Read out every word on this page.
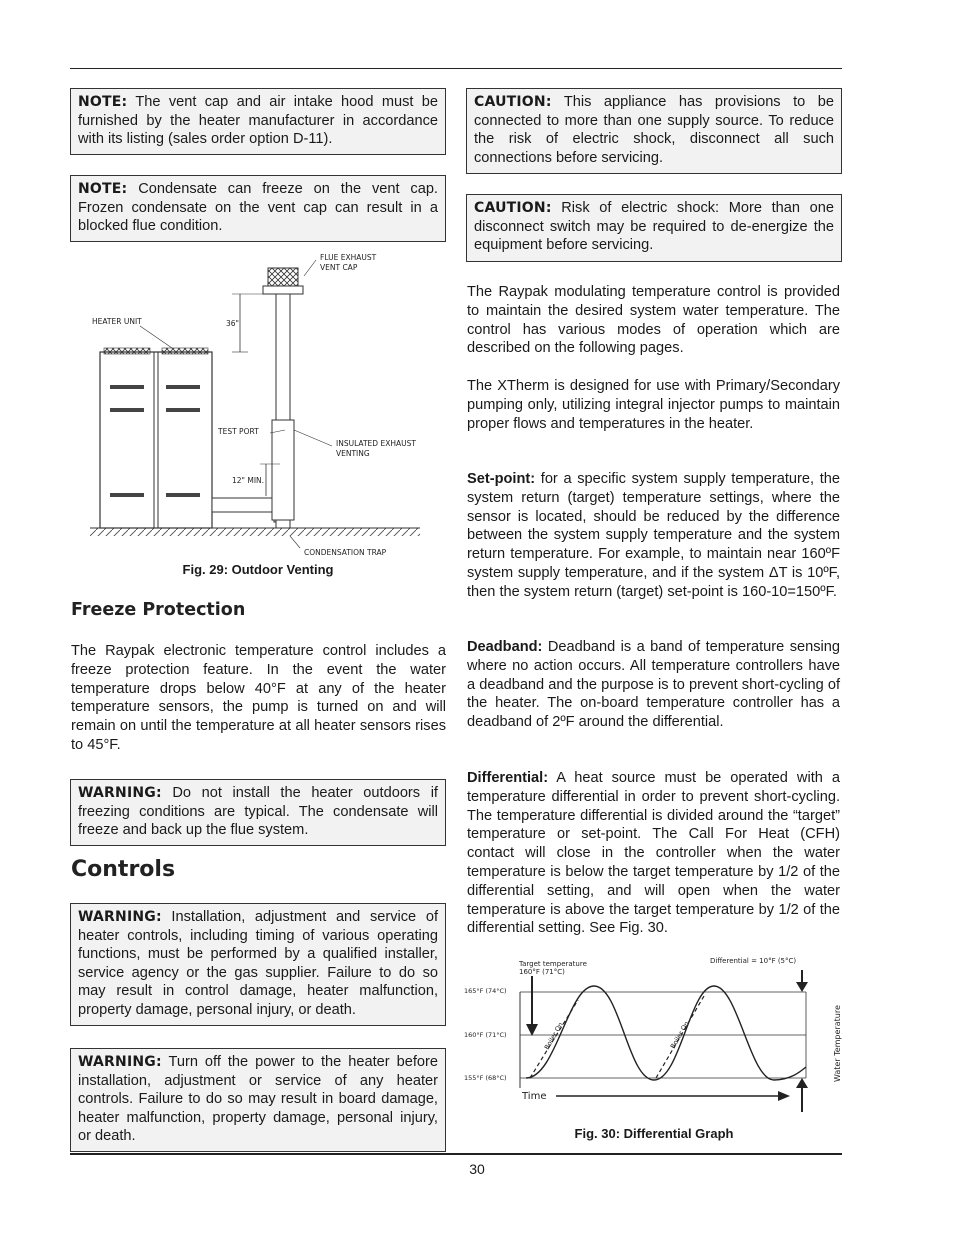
NOTE: The vent cap and air intake hood must be furnished by the heater manufacturer in accordance with its listing (sales order option D-11).
NOTE: Condensate can freeze on the vent cap. Frozen condensate on the vent cap can result in a blocked flue condition.
FLUE EXHAUST
VENT CAP
HEATER UNIT	36"
TEST PORT
INSULATED EXHAUST
VENTING
12" MIN.
CONDENSATION TRAP
Fig. 29: Outdoor Venting
Freeze Protection
The Raypak electronic temperature control includes a freeze protection feature. In the event the water temperature drops below 40°F at any of the heater temperature sensors, the pump is turned on and will remain on until the temperature at all heater sensors rises to 45°F.
WARNING: Do not install the heater outdoors if freezing conditions are typical. The condensate will freeze and back up the flue system.
Controls
WARNING: Installation, adjustment and service of heater controls, including timing of various operating functions, must be performed by a qualified installer, service agency or the gas supplier. Failure to do so may result in control damage, heater malfunction, property damage, personal injury, or death.
WARNING: Turn off the power to the heater before installation, adjustment or service of any heater controls. Failure to do so may result in board damage, heater malfunction, property damage, personal injury, or death.
CAUTION: This appliance has provisions to be connected to more than one supply source. To reduce the risk of electric shock, disconnect all such connections before servicing.
CAUTION: Risk of electric shock: More than one disconnect switch may be required to de-energize the equipment before servicing.
The Raypak modulating temperature control is provided to maintain the desired system water temperature. The control has various modes of operation which are described on the following pages.
The XTherm is designed for use with Primary/Secondary pumping only, utilizing integral injector pumps to maintain proper flows and temperatures in the heater.
Set-point: for a specific system supply temperature, the system return (target) temperature settings, where the sensor is located, should be reduced by the difference between the system supply temperature and the system return temperature. For example, to maintain near 160ºF system supply temperature, and if the system ΔT is 10ºF, then the system return (target) set-point is 160-10=150ºF.
Deadband: Deadband is a band of temperature sensing where no action occurs. All temperature controllers have a deadband and the purpose is to prevent short-cycling of the heater. The on-board temperature controller has a deadband of 2ºF around the differential.
Differential: A heat source must be operated with a temperature differential in order to prevent short-cycling. The temperature differential is divided around the “target” temperature or set-point. The Call For Heat (CFH) contact will close in the controller when the water temperature is below the target temperature by 1/2 of the differential setting, and will open when the water temperature is above the target temperature by 1/2 of the differential setting. See Fig. 30.
Target temperature
160°F (71°C)
Differential = 10°F (5°C)
165°F (74°C)
160°F (71°C)
155°F (68°C)
Boiler On	Boiler On
Time
Water Temperature
Fig. 30: Differential Graph
30
